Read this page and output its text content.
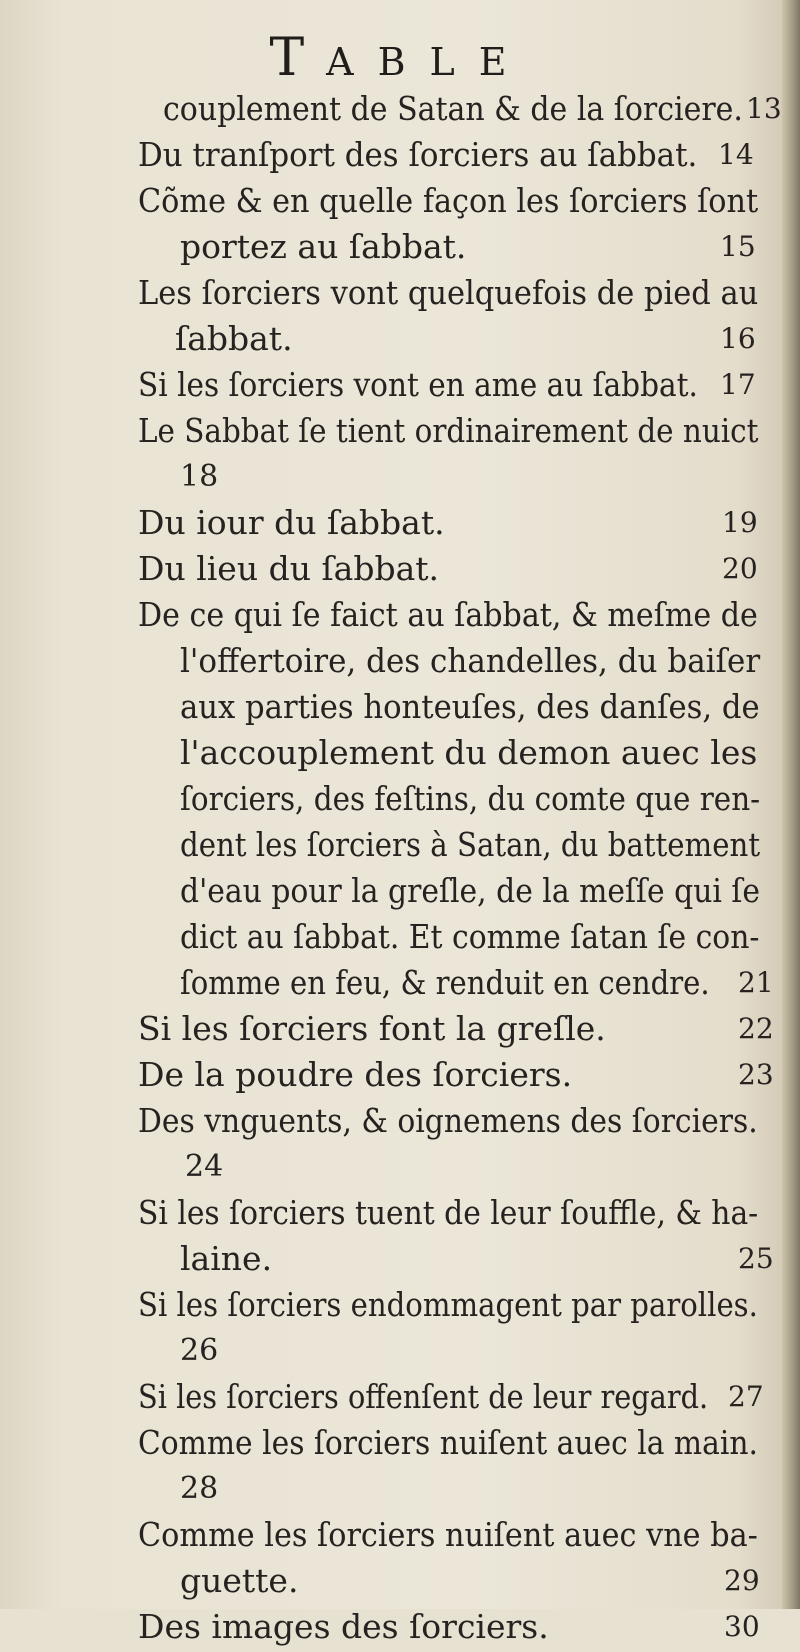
TABLE
couplement de Satan & de la ſorciere. 13
Du tranſport des ſorciers au ſabbat. 14
Cõme & en quelle façon les ſorciers ſont
portez au ſabbat.	15
Les ſorciers vont quelquefois de pied au
ſabbat.	16
Si les ſorciers vont en ame au ſabbat. 17
Le Sabbat ſe tient ordinairement de nuict
18
Du iour du ſabbat.	19
Du lieu du ſabbat.	20
De ce qui ſe faict au ſabbat, & meſme de
l'offertoire, des chandelles, du baiſer
aux parties honteuſes, des danſes, de
l'accouplement du demon auec les
ſorciers, des feſtins, du comte que ren-
dent les ſorciers à Satan, du battement
d'eau pour la greſle, de la meſſe qui ſe
dict au ſabbat. Et comme ſatan ſe con-
ſomme en feu, & renduit en cendre. 21
Si les ſorciers font la greſle.	22
De la poudre des ſorciers.	23
Des vnguents, & oignemens des ſorciers.
24
Si les ſorciers tuent de leur ſouffle, & ha-
laine.	25
Si les ſorciers endommagent par parolles.
26
Si les ſorciers offenſent de leur regard. 27
Comme les ſorciers nuiſent auec la main.
28
Comme les ſorciers nuiſent auec vne ba-
guette.	29
Des images des ſorciers.	30
